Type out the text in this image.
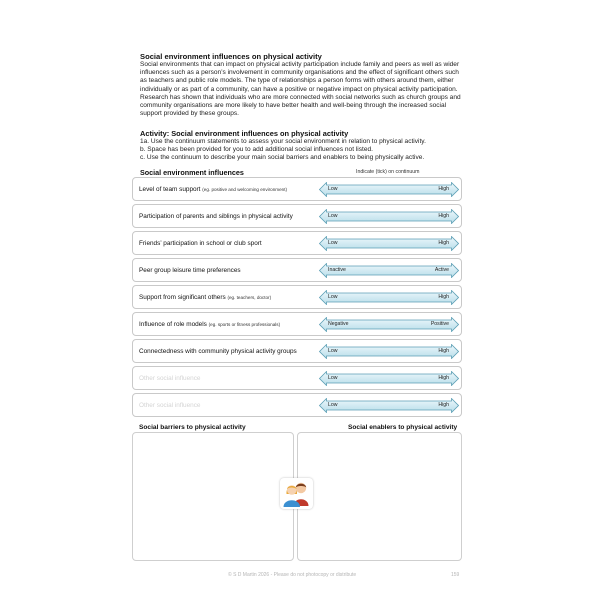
Social environment influences on physical activity
Social environments that can impact on physical activity participation include family and peers as well as wider influences such as a person’s involvement in community organisations and the effect of significant others such as teachers and public role models. The type of relationships a person forms with others around them, either individually or as part of a community, can have a positive or negative impact on physical activity participation. Research has shown that individuals who are more connected with social networks such as church groups and community organisations are more likely to have better health and well-being through the increased social support provided by these groups.
Activity: Social environment influences on physical activity
1a. Use the continuum statements to assess your social environment in relation to physical activity.
b. Space has been provided for you to add additional social influences not listed.
c. Use the continuum to describe your main social barriers and enablers to being physically active.
Social environment influences	Indicate (tick) on continuum
Level of team support (eg. positive and welcoming environment)	Low	High
Participation of parents and siblings in physical activity	Low	High
Friends’ participation in school or club sport	Low	High
Peer group leisure time preferences	Inactive	Active
Support from significant others (eg. teachers, doctor)	Low	High
Influence of role models (eg. sports or fitness professionals)	Negative	Positive
Connectedness with community physical activity groups	Low	High
Other social influence	Low	High
Other social influence	Low	High
Social barriers to physical activity	Social enablers to physical activity
© S D Martin 2026 - Please do not photocopy or distribute	159
